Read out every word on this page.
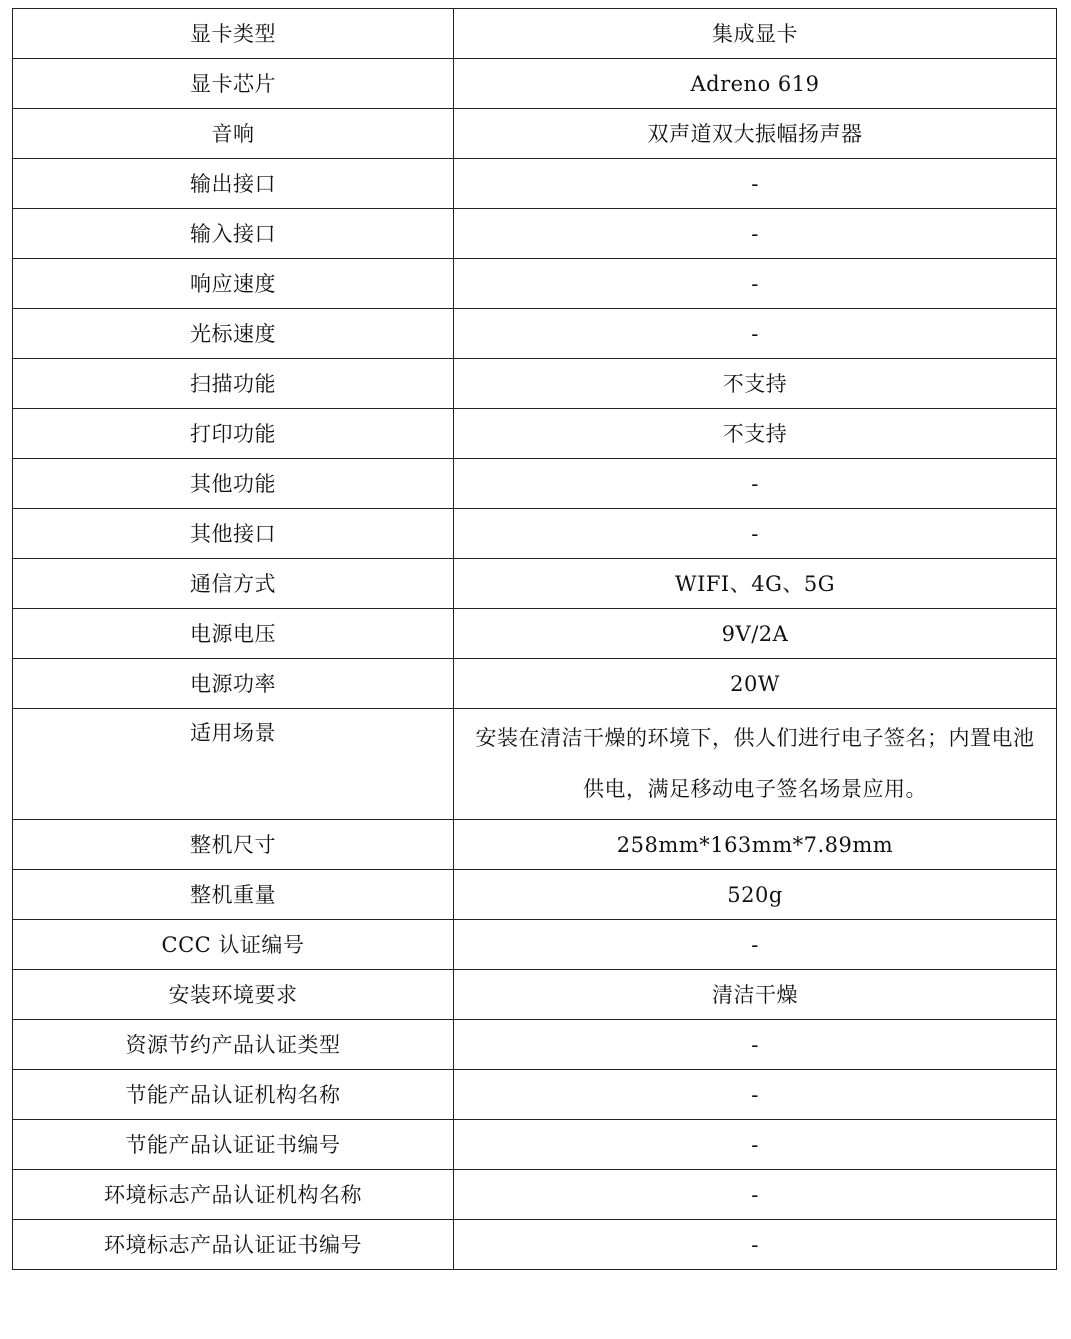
显卡类型	集成显卡
显卡芯片	Adreno 619
音响	双声道双大振幅扬声器
输出接口	-
输入接口	-
响应速度	-
光标速度	-
扫描功能	不支持
打印功能	不支持
其他功能	-
其他接口	-
通信方式	WIFI、4G、5G
电源电压	9V/2A
电源功率	20W
适用场景	安装在清洁干燥的环境下，供人们进行电子签名；内置电池供电，满足移动电子签名场景应用。
整机尺寸	258mm*163mm*7.89mm
整机重量	520g
CCC 认证编号	-
安装环境要求	清洁干燥
资源节约产品认证类型	-
节能产品认证机构名称	-
节能产品认证证书编号	-
环境标志产品认证机构名称	-
环境标志产品认证证书编号	-
